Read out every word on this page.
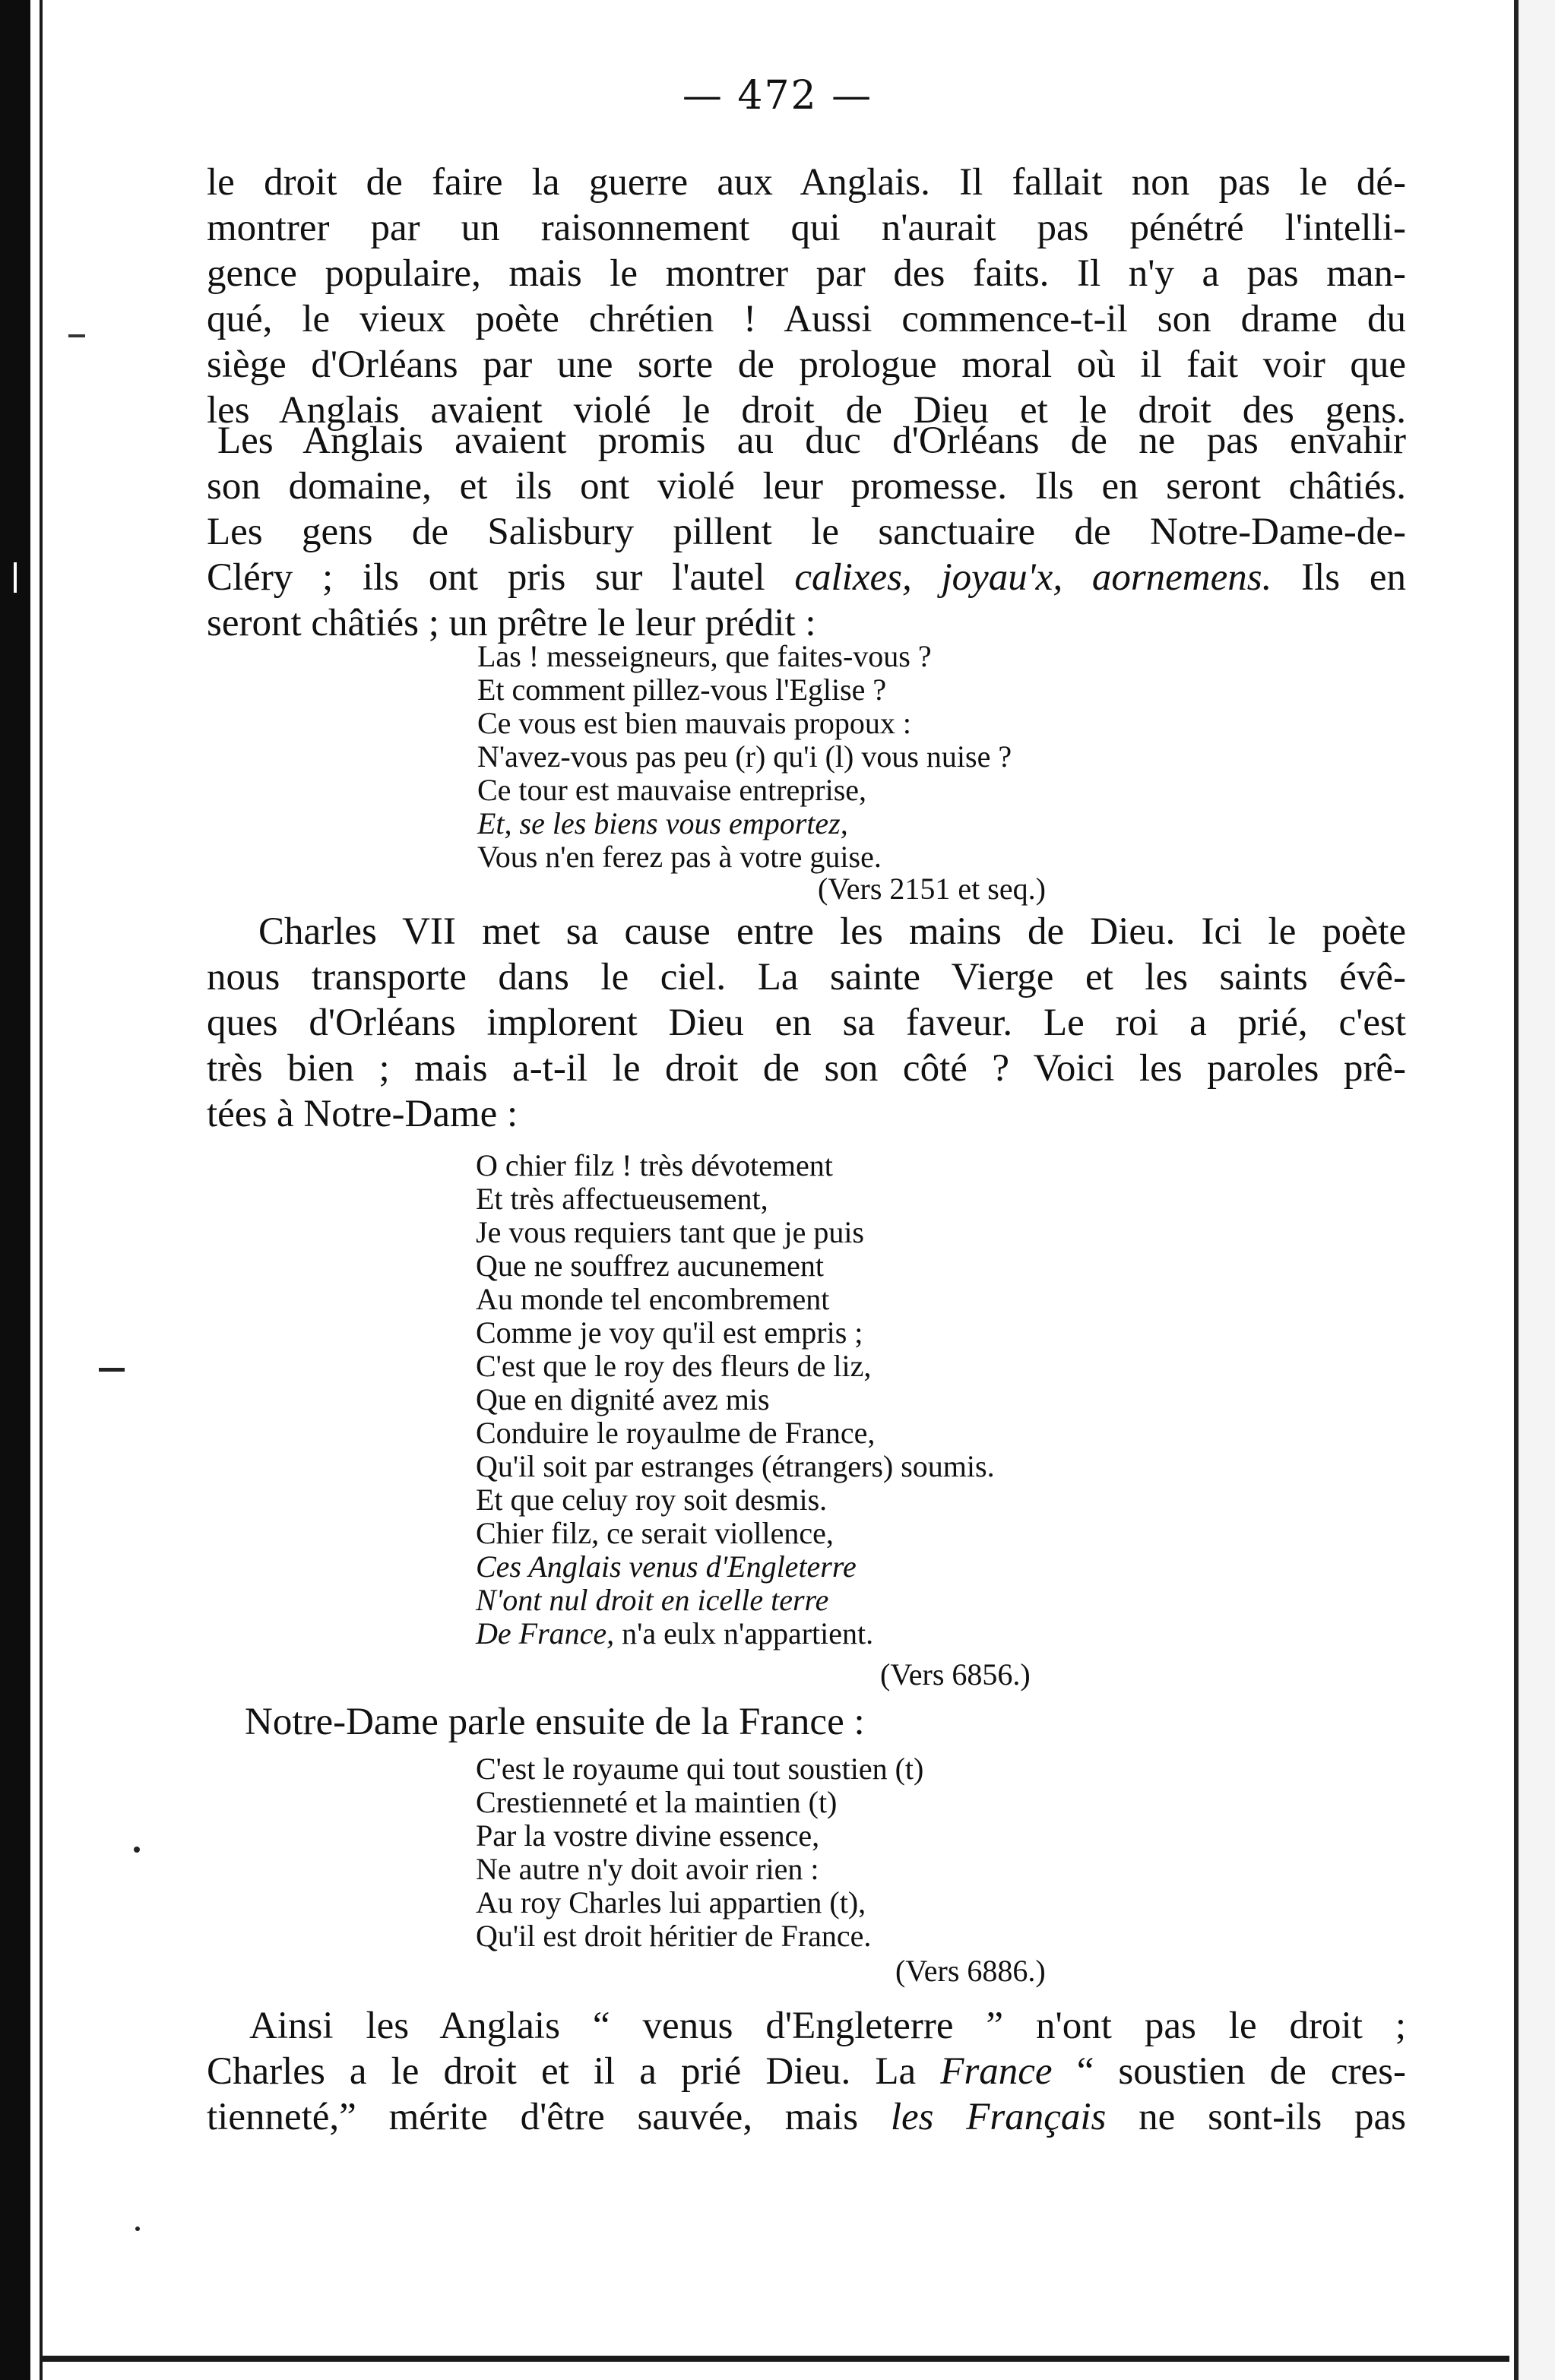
— 472 —
le droit de faire la guerre aux Anglais. Il fallait non pas le dé-
montrer par un raisonnement qui n'aurait pas pénétré l'intelli-
gence populaire, mais le montrer par des faits. Il n'y a pas man-
qué, le vieux poète chrétien ! Aussi commence-t-il son drame du
siège d'Orléans par une sorte de prologue moral où il fait voir que
les Anglais avaient violé le droit de Dieu et le droit des gens.
Les Anglais avaient promis au duc d'Orléans de ne pas envahir
son domaine, et ils ont violé leur promesse. Ils en seront châtiés.
Les gens de Salisbury pillent le sanctuaire de Notre-Dame-de-
Cléry ; ils ont pris sur l'autel calixes, joyau'x, aornemens. Ils en
seront châtiés ; un prêtre le leur prédit :
Las ! messeigneurs, que faites-vous ?
Et comment pillez-vous l'Eglise ?
Ce vous est bien mauvais propoux :
N'avez-vous pas peu (r) qu'i (l) vous nuise ?
Ce tour est mauvaise entreprise,
Et, se les biens vous emportez,
Vous n'en ferez pas à votre guise.
(Vers 2151 et seq.)
Charles VII met sa cause entre les mains de Dieu. Ici le poète
nous transporte dans le ciel. La sainte Vierge et les saints évê-
ques d'Orléans implorent Dieu en sa faveur. Le roi a prié, c'est
très bien ; mais a-t-il le droit de son côté ? Voici les paroles prê-
tées à Notre-Dame :
O chier filz ! très dévotement
Et très affectueusement,
Je vous requiers tant que je puis
Que ne souffrez aucunement
Au monde tel encombrement
Comme je voy qu'il est empris ;
C'est que le roy des fleurs de liz,
Que en dignité avez mis
Conduire le royaulme de France,
Qu'il soit par estranges (étrangers) soumis.
Et que celuy roy soit desmis.
Chier filz, ce serait viollence,
Ces Anglais venus d'Engleterre
N'ont nul droit en icelle terre
De France, n'a eulx n'appartient.
(Vers 6856.)
Notre-Dame parle ensuite de la France :
C'est le royaume qui tout soustien (t)
Crestienneté et la maintien (t)
Par la vostre divine essence,
Ne autre n'y doit avoir rien :
Au roy Charles lui appartien (t),
Qu'il est droit héritier de France.
(Vers 6886.)
Ainsi les Anglais “ venus d'Engleterre ” n'ont pas le droit ;
Charles a le droit et il a prié Dieu. La France “ soustien de cres-
tienneté,” mérite d'être sauvée, mais les Français ne sont-ils pas
